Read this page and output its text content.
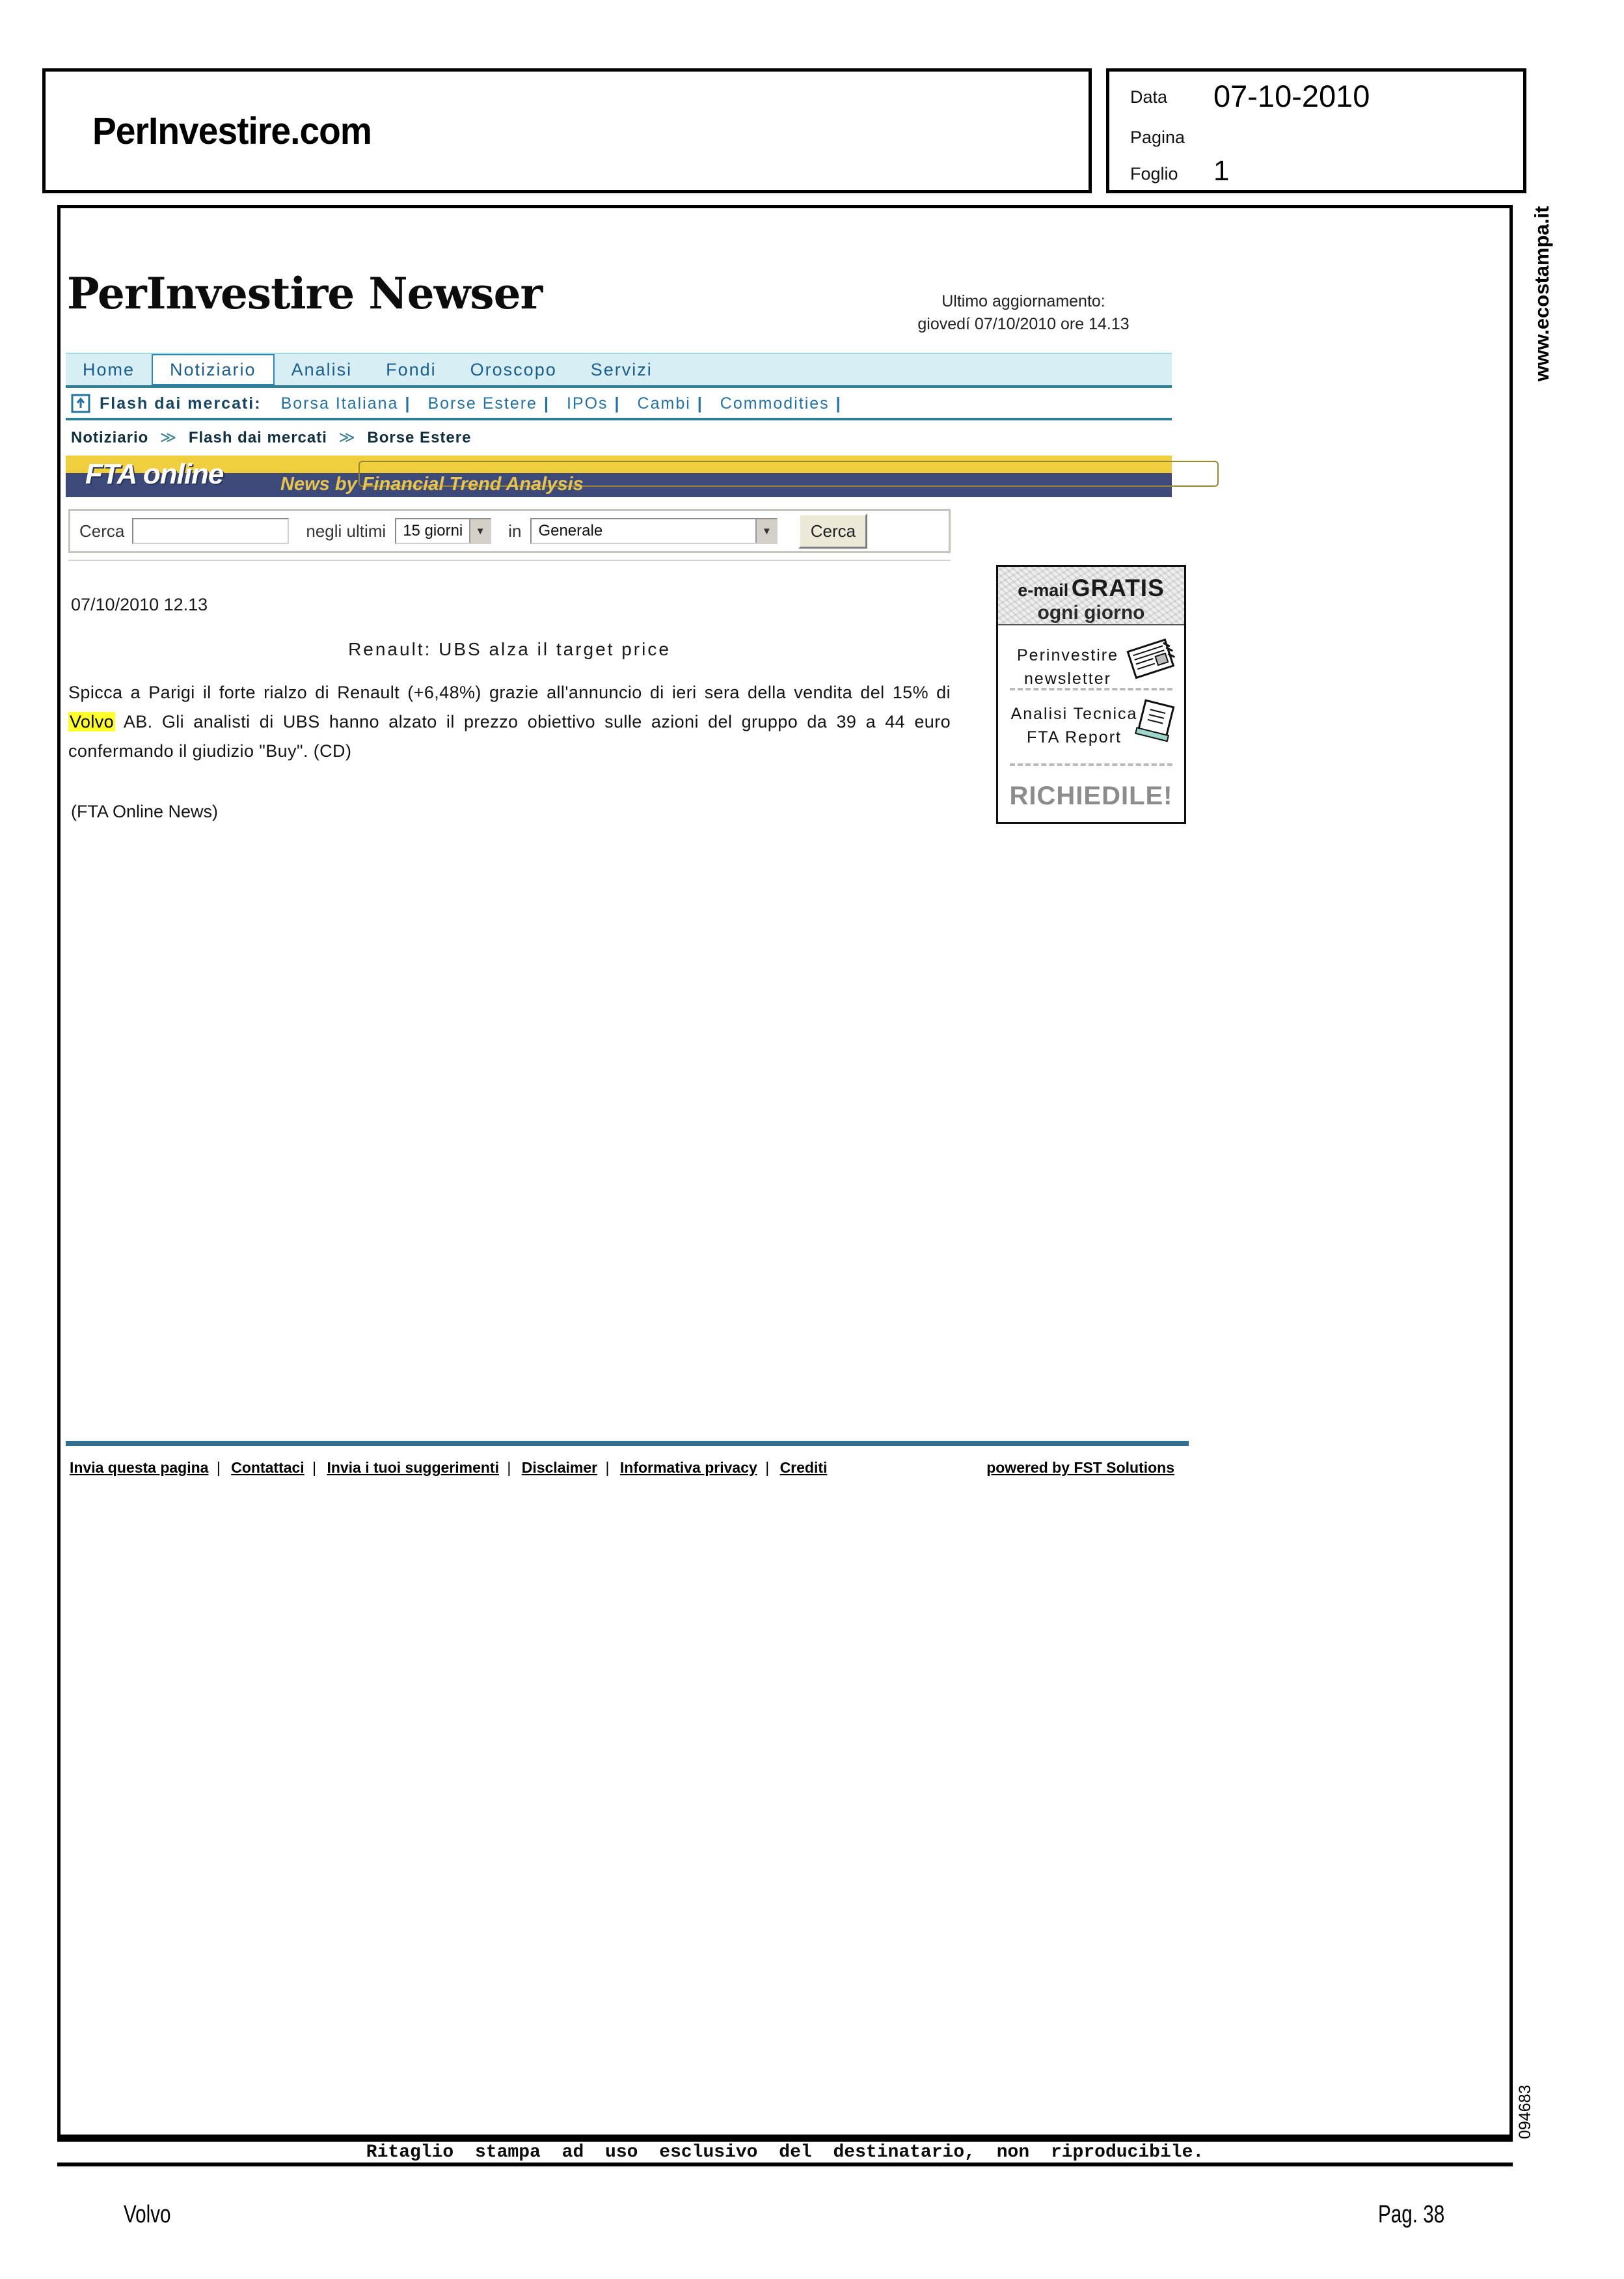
PerInvestire.com
Data 07-10-2010
Pagina
Foglio 1
PerInvestire Newser	Ultimo aggiornamento:
giovedí 07/10/2010 ore 14.13
Home	Notiziario	Analisi	Fondi	Oroscopo	Servizi
Flash dai mercati: Borsa Italiana | Borse Estere | IPOs | Cambi | Commodities |
Notiziario ≫ Flash dai mercati ≫ Borse Estere
FTA online	News by Financial Trend Analysis
Cerca	negli ultimi	15 giorni	▼ in	Generale	▼	Cerca
07/10/2010 12.13
Renault: UBS alza il target price
Spicca a Parigi il forte rialzo di Renault (+6,48%) grazie all'annuncio di ieri sera della vendita del 15% di Volvo AB. Gli analisti di UBS hanno alzato il prezzo obiettivo sulle azioni del gruppo da 39 a 44 euro confermando il giudizio "Buy". (CD)
(FTA Online News)
e-mail GRATIS
ogni giorno
Perinvestire
newsletter
Analisi Tecnica
FTA Report
RICHIEDILE!
Invia questa pagina | Contattaci | Invia i tuoi suggerimenti | Disclaimer | Informativa privacy | Crediti	powered by FST Solutions
Ritaglio stampa ad uso esclusivo del destinatario, non riproducibile.
Volvo	Pag. 38
www.ecostampa.it
094683
